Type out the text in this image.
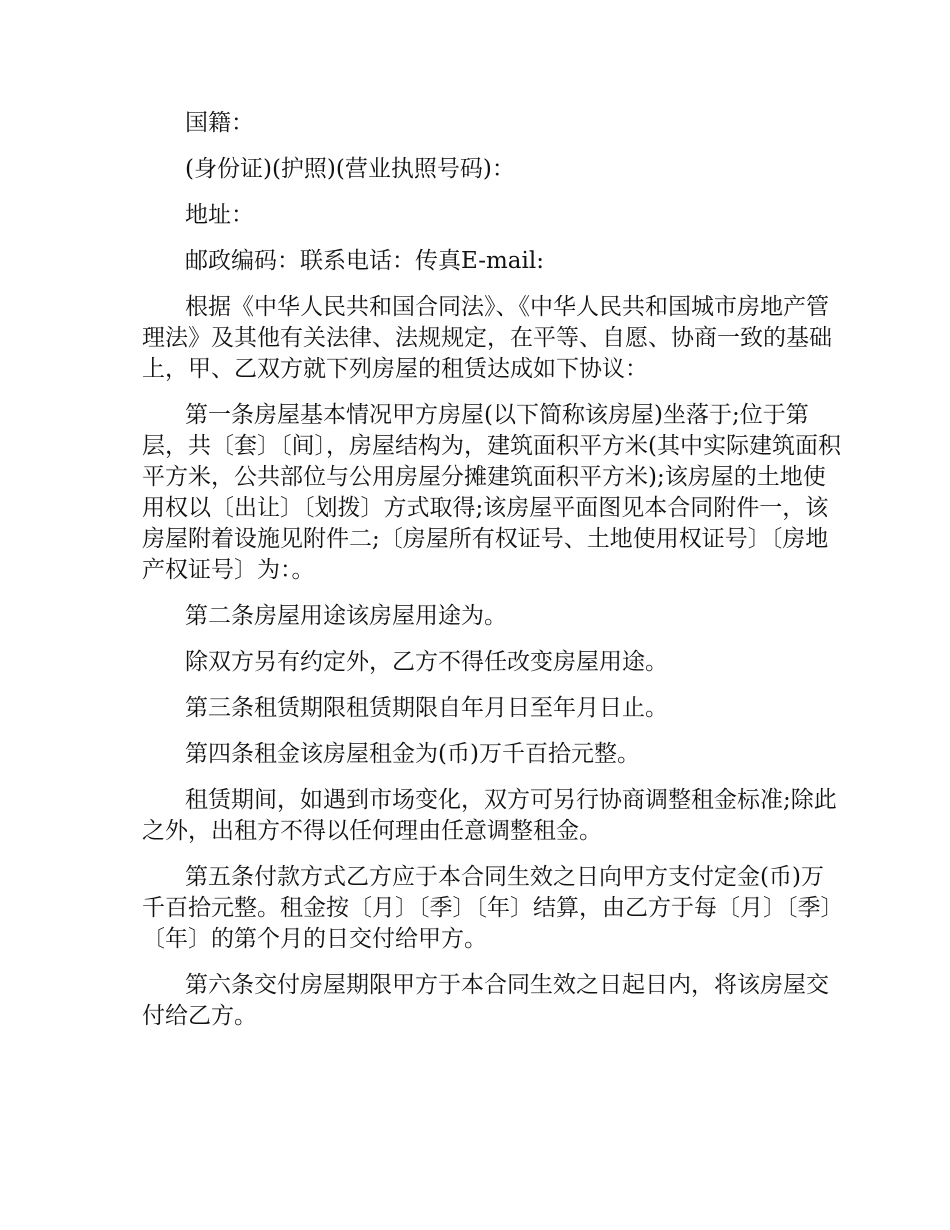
国籍：

(身份证)(护照)(营业执照号码)：

地址：

邮政编码：联系电话：传真E-mail:

根据《中华人民共和国合同法》、《中华人民共和国城市房地产管理法》及其他有关法律、法规规定，在平等、自愿、协商一致的基础上，甲、乙双方就下列房屋的租赁达成如下协议：

第一条房屋基本情况甲方房屋(以下简称该房屋)坐落于;位于第层，共〔套〕〔间〕，房屋结构为，建筑面积平方米(其中实际建筑面积平方米，公共部位与公用房屋分摊建筑面积平方米);该房屋的土地使用权以〔出让〕〔划拨〕方式取得;该房屋平面图见本合同附件一，该房屋附着设施见附件二;〔房屋所有权证号、土地使用权证号〕〔房地产权证号〕为：。

第二条房屋用途该房屋用途为。

除双方另有约定外，乙方不得任改变房屋用途。

第三条租赁期限租赁期限自年月日至年月日止。

第四条租金该房屋租金为(币)万千百拾元整。

租赁期间，如遇到市场变化，双方可另行协商调整租金标准;除此之外，出租方不得以任何理由任意调整租金。

第五条付款方式乙方应于本合同生效之日向甲方支付定金(币)万千百拾元整。租金按〔月〕〔季〕〔年〕结算，由乙方于每〔月〕〔季〕〔年〕的第个月的日交付给甲方。

第六条交付房屋期限甲方于本合同生效之日起日内，将该房屋交付给乙方。
